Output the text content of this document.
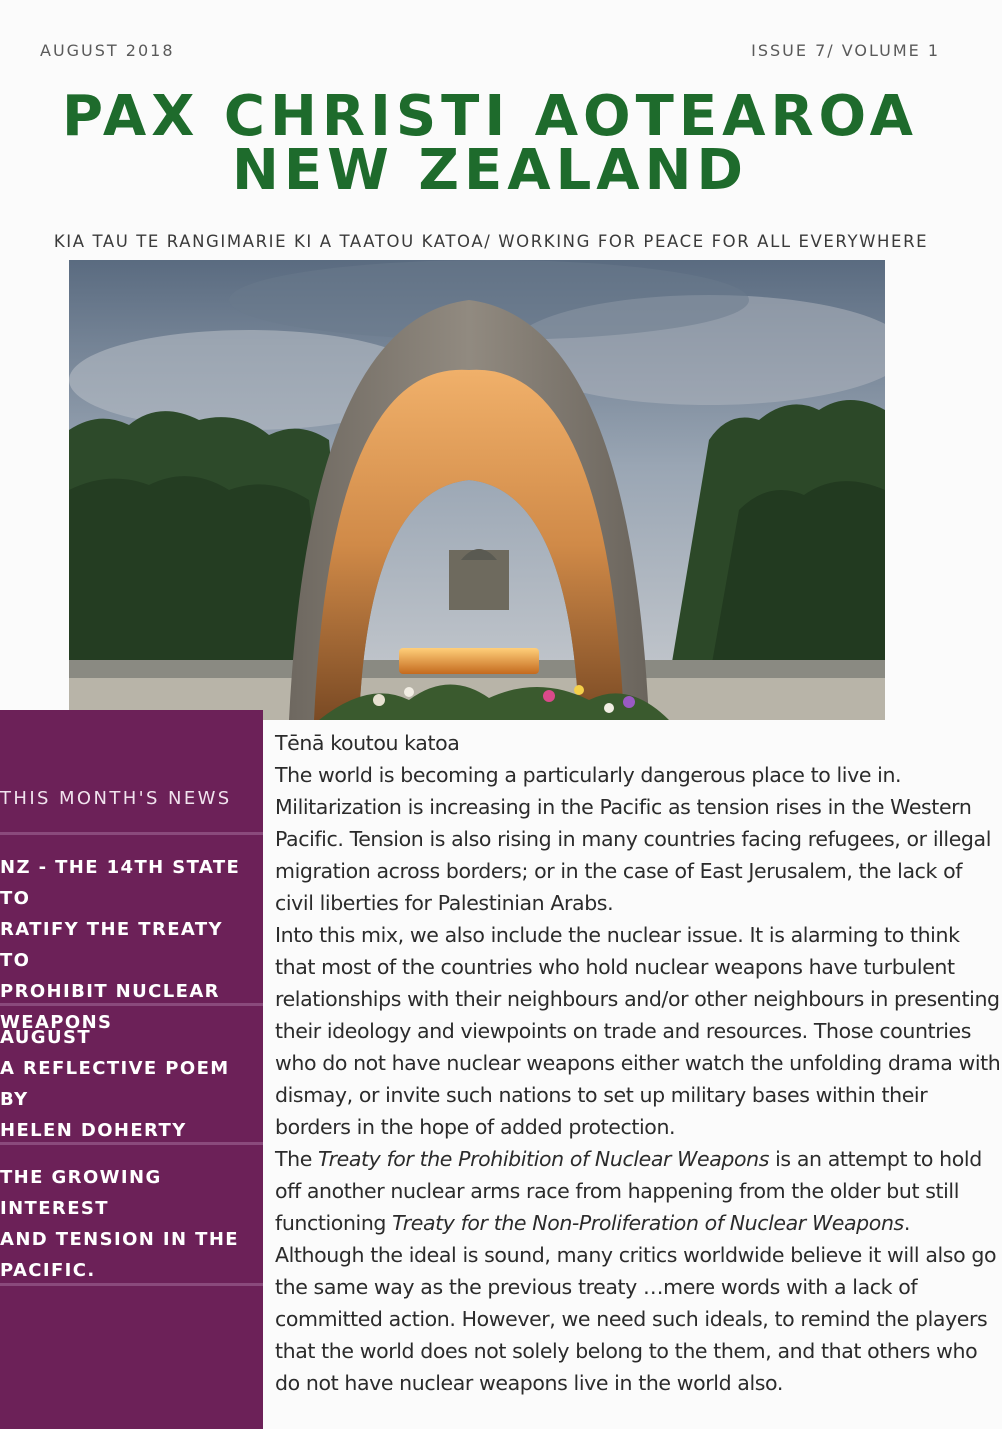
AUGUST 2018	ISSUE 7/ VOLUME 1
PAX CHRISTI AOTEAROA
NEW ZEALAND
KIA TAU TE RANGIMARIE KI A TAATOU KATOA/ WORKING FOR PEACE FOR ALL EVERYWHERE
THIS MONTH'S NEWS
NZ - THE 14TH STATE TO
RATIFY THE TREATY TO
PROHIBIT NUCLEAR
WEAPONS
AUGUST
A REFLECTIVE POEM BY
HELEN DOHERTY
THE GROWING INTEREST
AND TENSION IN THE
PACIFIC.

Tēnā koutou katoa

The world is becoming a particularly dangerous place to live in. Militarization is increasing in the Pacific as tension rises in the Western Pacific. Tension is also rising in many countries facing refugees, or illegal migration across borders; or in the case of East Jerusalem, the lack of civil liberties for Palestinian Arabs.

Into this mix, we also include the nuclear issue. It is alarming to think that most of the countries who hold nuclear weapons have turbulent relationships with their neighbours and/or other neighbours in presenting their ideology and viewpoints on trade and resources. Those countries who do not have nuclear weapons either watch the unfolding drama with dismay, or invite such nations to set up military bases within their borders in the hope of added protection.

The Treaty for the Prohibition of Nuclear Weapons is an attempt to hold off another nuclear arms race from happening from the older but still functioning Treaty for the Non-Proliferation of Nuclear Weapons. Although the ideal is sound, many critics worldwide believe it will also go the same way as the previous treaty …mere words with a lack of committed action. However, we need such ideals, to remind the players that the world does not solely belong to the them, and that others who do not have nuclear weapons live in the world also.
